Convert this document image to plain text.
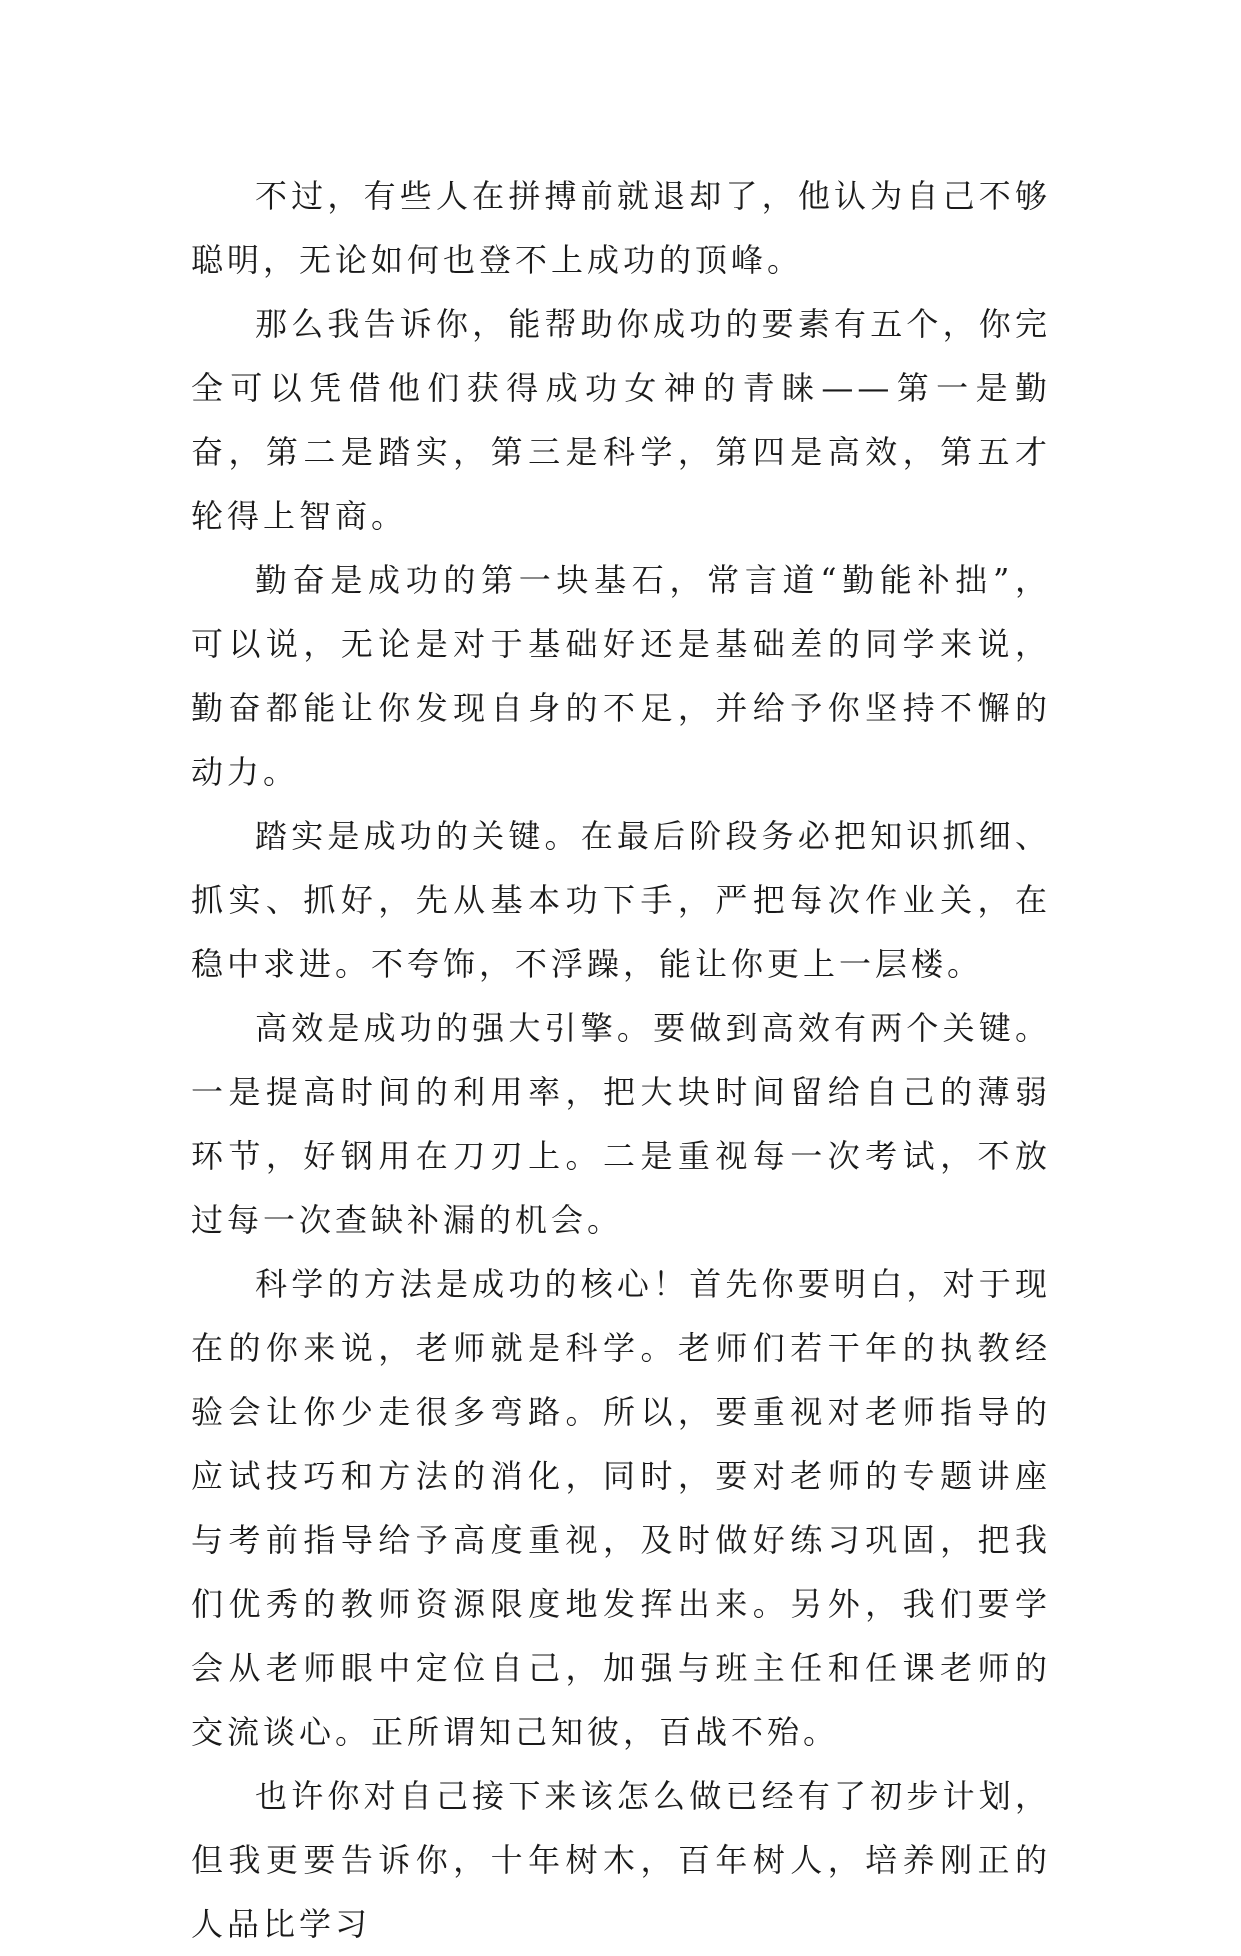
不过，有些人在拼搏前就退却了，他认为自己不够聪明，无论如何也登不上成功的顶峰。

那么我告诉你，能帮助你成功的要素有五个，你完全可以凭借他们获得成功女神的青睐——第一是勤奋，第二是踏实，第三是科学，第四是高效，第五才轮得上智商。

勤奋是成功的第一块基石，常言道“勤能补拙”，可以说，无论是对于基础好还是基础差的同学来说，勤奋都能让你发现自身的不足，并给予你坚持不懈的动力。

踏实是成功的关键。在最后阶段务必把知识抓细、抓实、抓好，先从基本功下手，严把每次作业关，在稳中求进。不夸饰，不浮躁，能让你更上一层楼。

高效是成功的强大引擎。要做到高效有两个关键。一是提高时间的利用率，把大块时间留给自己的薄弱环节，好钢用在刀刃上。二是重视每一次考试，不放过每一次查缺补漏的机会。

科学的方法是成功的核心！首先你要明白，对于现在的你来说，老师就是科学。老师们若干年的执教经验会让你少走很多弯路。所以，要重视对老师指导的应试技巧和方法的消化，同时，要对老师的专题讲座与考前指导给予高度重视，及时做好练习巩固，把我们优秀的教师资源限度地发挥出来。另外，我们要学会从老师眼中定位自己，加强与班主任和任课老师的交流谈心。正所谓知己知彼，百战不殆。

也许你对自己接下来该怎么做已经有了初步计划，但我更要告诉你，十年树木，百年树人，培养刚正的人品比学习
